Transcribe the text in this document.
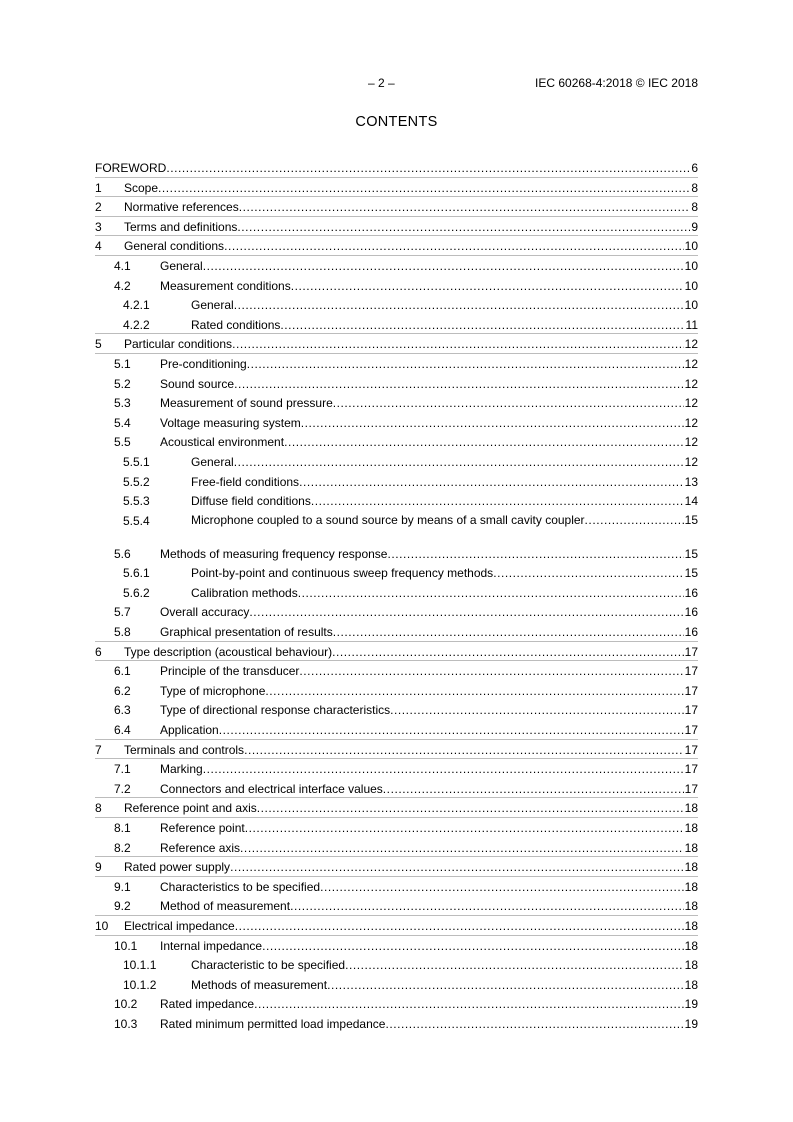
– 2 –	IEC 60268-4:2018 © IEC 2018
CONTENTS
FOREWORD .....	6
1 Scope .....	8
2 Normative references .....	8
3 Terms and definitions .....	9
4 General conditions .....	10
4.1 General .....	10
4.2 Measurement conditions .....	10
4.2.1	General .....	10
4.2.2	Rated conditions .....	11
5 Particular conditions .....	12
5.1 Pre-conditioning .....	12
5.2 Sound source .....	12
5.3 Measurement of sound pressure .....	12
5.4 Voltage measuring system .....	12
5.5 Acoustical environment .....	12
5.5.1	General .....	12
5.5.2	Free-field conditions .....	13
5.5.3	Diffuse field conditions .....	14
5.5.4	Microphone coupled to a sound source by means of a small cavity coupler .....	15
5.6 Methods of measuring frequency response .....	15
5.6.1	Point-by-point and continuous sweep frequency methods .....	15
5.6.2	Calibration methods .....	16
5.7 Overall accuracy .....	16
5.8 Graphical presentation of results .....	16
6 Type description (acoustical behaviour) .....	17
6.1 Principle of the transducer .....	17
6.2 Type of microphone .....	17
6.3 Type of directional response characteristics .....	17
6.4 Application .....	17
7 Terminals and controls .....	17
7.1 Marking .....	17
7.2 Connectors and electrical interface values .....	17
8 Reference point and axis .....	18
8.1 Reference point .....	18
8.2 Reference axis .....	18
9 Rated power supply .....	18
9.1 Characteristics to be specified .....	18
9.2 Method of measurement .....	18
10 Electrical impedance .....	18
10.1 Internal impedance .....	18
10.1.1	Characteristic to be specified .....	18
10.1.2	Methods of measurement .....	18
10.2 Rated impedance .....	19
10.3 Rated minimum permitted load impedance .....	19
